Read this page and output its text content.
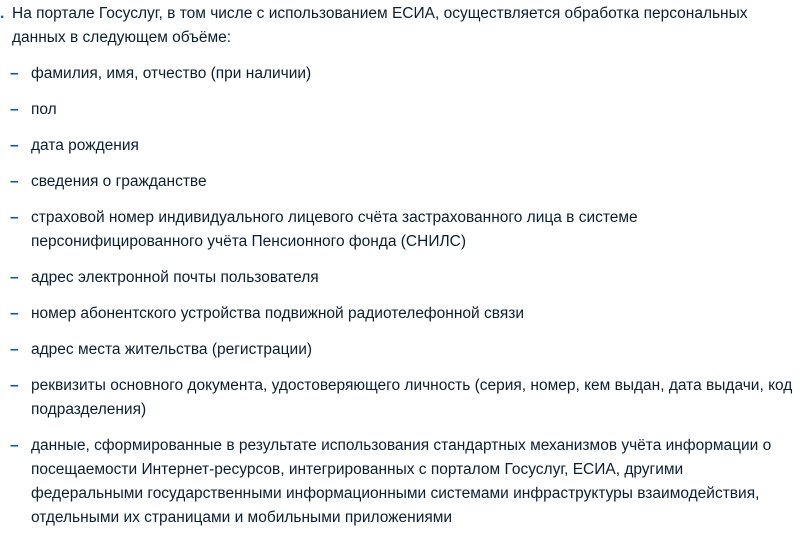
. На портале Госуслуг, в том числе с использованием ЕСИА, осуществляется обработка персональных данных в следующем объёме:

– фамилия, имя, отчество (при наличии)
– пол
– дата рождения
– сведения о гражданстве
– страховой номер индивидуального лицевого счёта застрахованного лица в системе персонифицированного учёта Пенсионного фонда (СНИЛС)
– адрес электронной почты пользователя
– номер абонентского устройства подвижной радиотелефонной связи
– адрес места жительства (регистрации)
– реквизиты основного документа, удостоверяющего личность (серия, номер, кем выдан, дата выдачи, код подразделения)
– данные, сформированные в результате использования стандартных механизмов учёта информации о посещаемости Интернет-ресурсов, интегрированных с порталом Госуслуг, ЕСИА, другими федеральными государственными информационными системами инфраструктуры взаимодействия, отдельными их страницами и мобильными приложениями
